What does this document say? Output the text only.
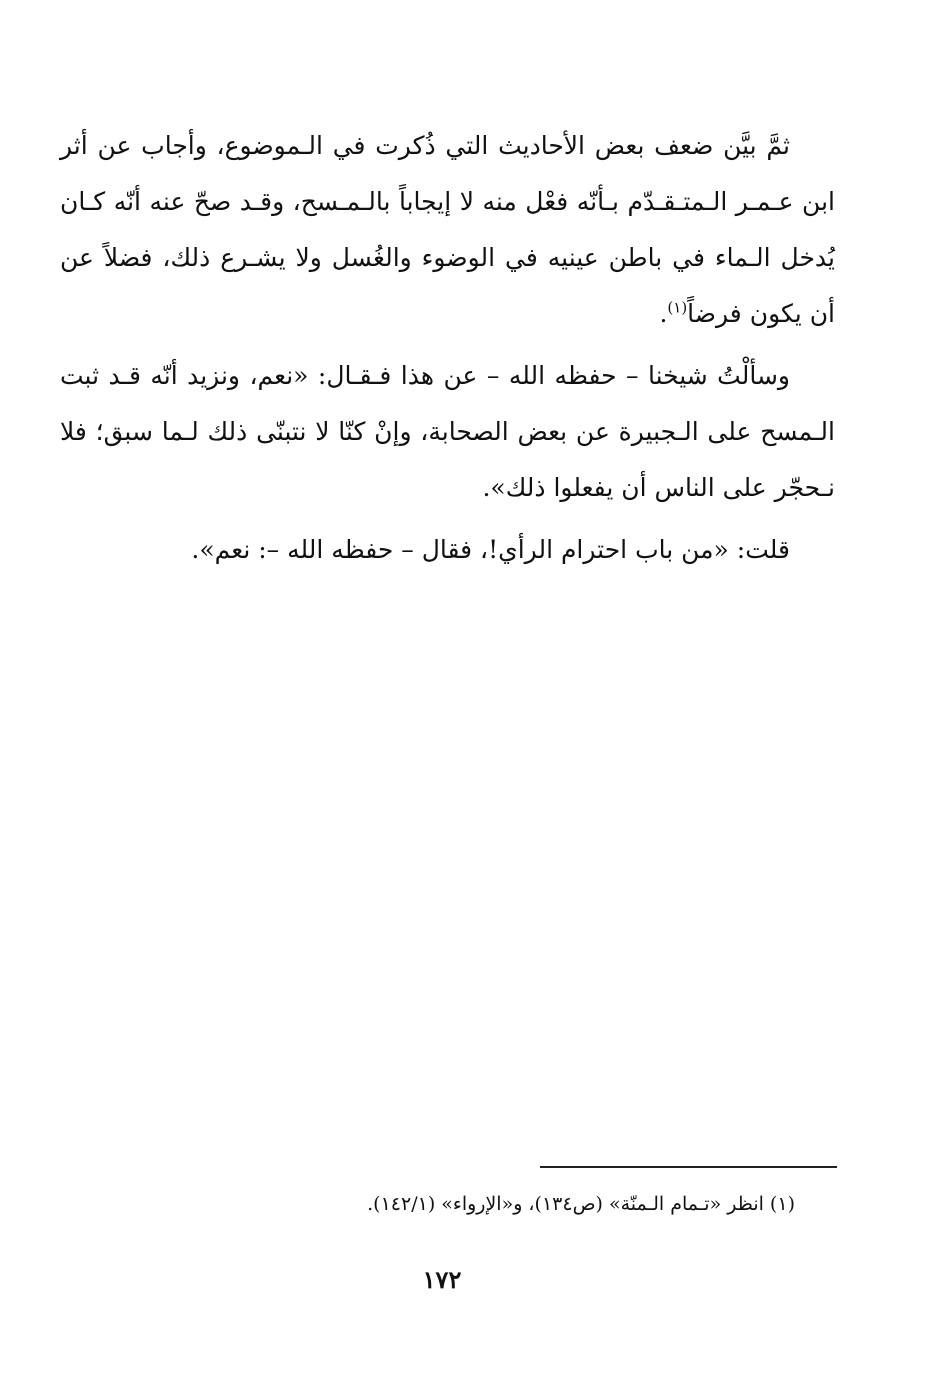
ثمَّ بيَّن ضعف بعض الأحاديث التي ذُكرت في الـموضوع، وأجاب عن أثر ابن عـمـر الـمتـقـدّم بـأنّه فعْل منه لا إيجاباً بالـمـسح، وقـد صحّ عنه أنّه كـان يُدخل الـماء في باطن عينيه في الوضوء والغُسل ولا يشـرع ذلك، فضلاً عن أن يكون فرضاً$^{(١)}$.

وسألْتُ شيخنا – حفظه الله – عن هذا فـقـال: «نعم، ونزيد أنّه قـد ثبت الـمسح على الـجبيرة عن بعض الصحابة، وإنْ كنّا لا نتبنّى ذلك لـما سبق؛ فلا نـحجّر على الناس أن يفعلوا ذلك».

قلت: «من باب احترام الرأي!، فقال – حفظه الله –: نعم».

(١) انظر «تـمام الـمنّة» (ص١٣٤)، و«الإرواء» (١٤٢/١).
١٧٢
